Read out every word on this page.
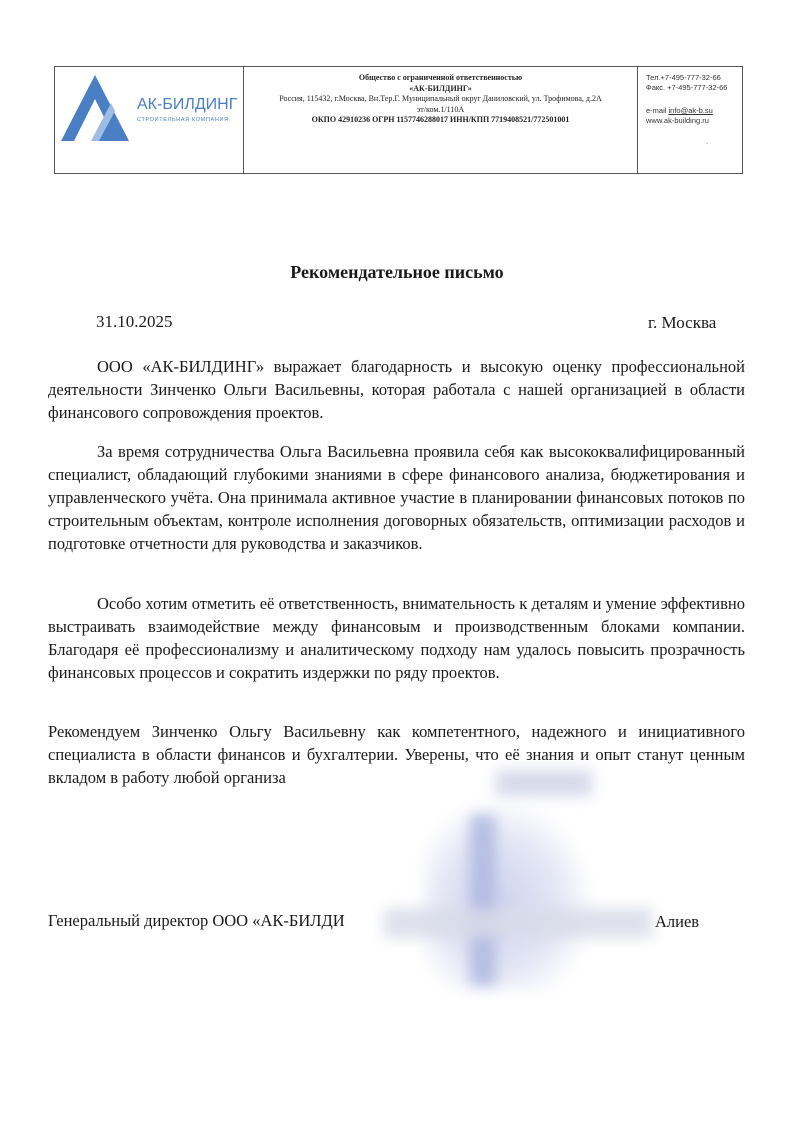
АК-БИЛДИНГ
СТРОИТЕЛЬНАЯ КОМПАНИЯ
Общество с ограниченной ответственностью
«АК-БИЛДИНГ»
Россия, 115432, г.Москва, Вн.Тер.Г. Муниципальный округ Даниловский, ул. Трофимова, д.2А
эт/ком.1/110А
ОКПО 42910236 ОГРН 1157746288017 ИНН/КПП 7719408521/772501001
Тел.+7-495-777-32-66
Факс. +7-495-777-32-66
e-mail info@ak-b.su
www.ak-building.ru
.
Рекомендательное письмо
31.10.2025	г. Москва

ООО «АК-БИЛДИНГ» выражает благодарность и высокую оценку профессиональной деятельности Зинченко Ольги Васильевны, которая работала с нашей организацией в области финансового сопровождения проектов.

За время сотрудничества Ольга Васильевна проявила себя как высококвалифицированный специалист, обладающий глубокими знаниями в сфере финансового анализа, бюджетирования и управленческого учёта. Она принимала активное участие в планировании финансовых потоков по строительным объектам, контроле исполнения договорных обязательств, оптимизации расходов и подготовке отчетности для руководства и заказчиков.

Особо хотим отметить её ответственность, внимательность к деталям и умение эффективно выстраивать взаимодействие между финансовым и производственным блоками компании. Благодаря её профессионализму и аналитическому подходу нам удалось повысить прозрачность финансовых процессов и сократить издержки по ряду проектов.

Рекомендуем Зинченко Ольгу Васильевну как компетентного, надежного и инициативного специалиста в области финансов и бухгалтерии. Уверены, что её знания и опыт станут ценным вкладом в работу любой организа

Генеральный директор ООО «АК-БИЛДИ	Алиев
